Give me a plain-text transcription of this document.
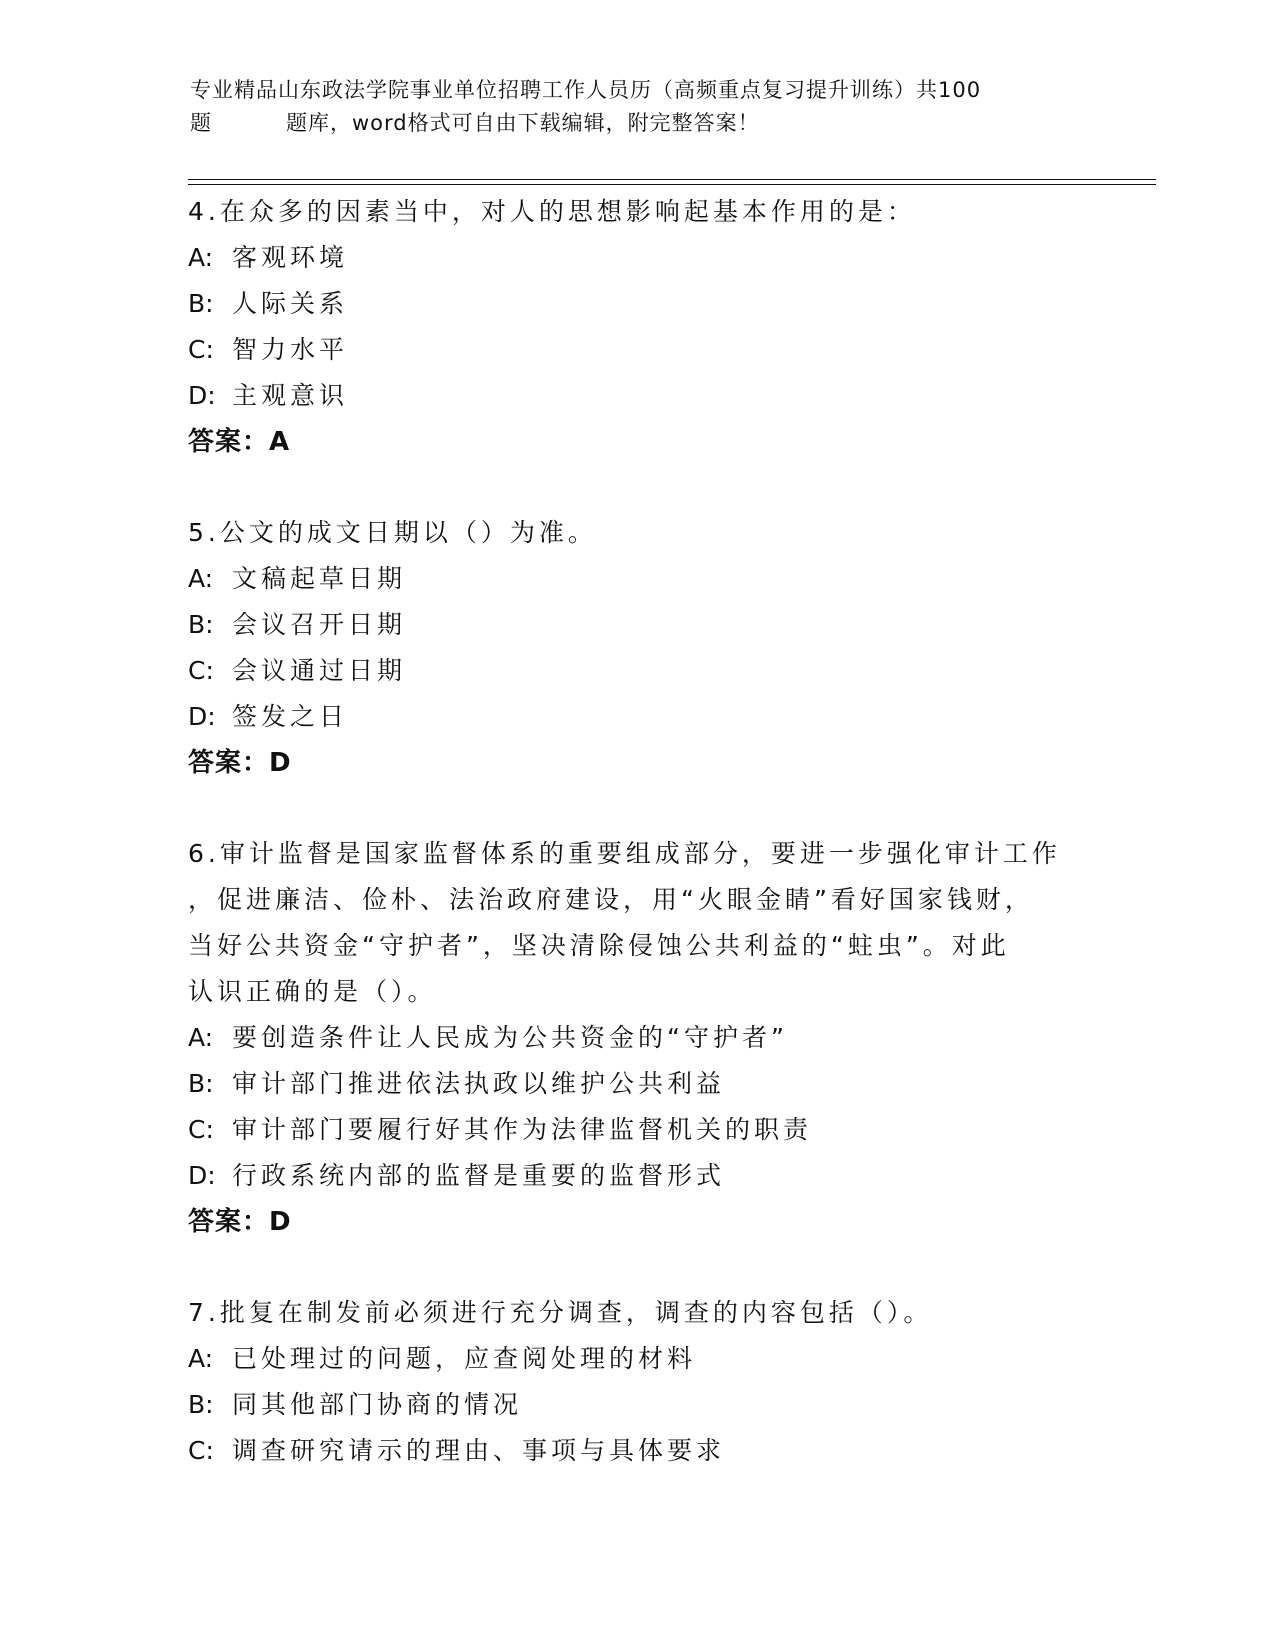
专业精品山东政法学院事业单位招聘工作人员历（高频重点复习提升训练）共100
题	题库，word格式可自由下载编辑，附完整答案！
4.在众多的因素当中，对人的思想影响起基本作用的是：
A: 客观环境
B: 人际关系
C: 智力水平
D: 主观意识
答案：A
5.公文的成文日期以（）为准。
A: 文稿起草日期
B: 会议召开日期
C: 会议通过日期
D: 签发之日
答案：D
6.审计监督是国家监督体系的重要组成部分，要进一步强化审计工作
，促进廉洁、俭朴、法治政府建设，用“火眼金睛”看好国家钱财，
当好公共资金“守护者”，坚决清除侵蚀公共利益的“蛀虫”。对此
认识正确的是（）。
A: 要创造条件让人民成为公共资金的“守护者”
B: 审计部门推进依法执政以维护公共利益
C: 审计部门要履行好其作为法律监督机关的职责
D: 行政系统内部的监督是重要的监督形式
答案：D
7.批复在制发前必须进行充分调查，调查的内容包括（）。
A: 已处理过的问题，应查阅处理的材料
B: 同其他部门协商的情况
C: 调查研究请示的理由、事项与具体要求
